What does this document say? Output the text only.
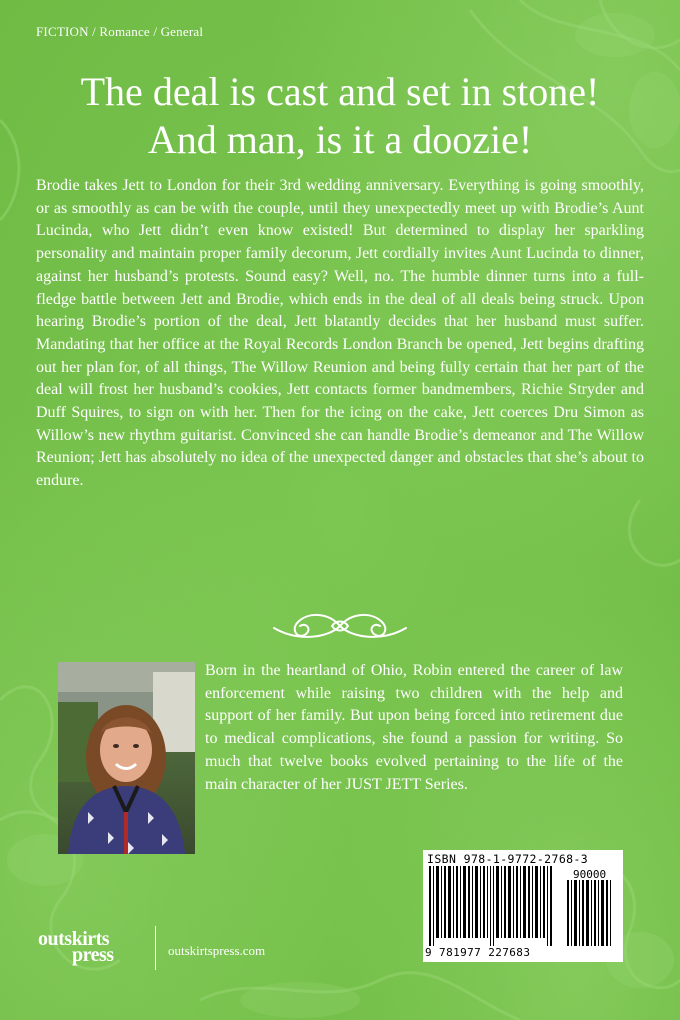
FICTION / Romance / General
The deal is cast and set in stone!
And man, is it a doozie!

Brodie takes Jett to London for their 3rd wedding anniversary. Everything is going smoothly, or as smoothly as can be with the couple, until they unexpectedly meet up with Brodie’s Aunt Lucinda, who Jett didn’t even know existed! But determined to display her sparkling personality and maintain proper family decorum, Jett cordially invites Aunt Lucinda to dinner, against her husband’s protests. Sound easy? Well, no. The humble dinner turns into a full-fledge battle between Jett and Brodie, which ends in the deal of all deals being struck. Upon hearing Brodie’s portion of the deal, Jett blatantly decides that her husband must suffer. Mandating that her office at the Royal Records London Branch be opened, Jett begins drafting out her plan for, of all things, The Willow Reunion and being fully certain that her part of the deal will frost her husband’s cookies, Jett contacts former bandmembers, Richie Stryder and Duff Squires, to sign on with her. Then for the icing on the cake, Jett coerces Dru Simon as Willow’s new rhythm guitarist. Convinced she can handle Brodie’s demeanor and The Willow Reunion; Jett has absolutely no idea of the unexpected danger and obstacles that she’s about to endure.

Born in the heartland of Ohio, Robin entered the career of law enforcement while raising two children with the help and support of her family. But upon being forced into retirement due to medical complications, she found a passion for writing. So much that twelve books evolved pertaining to the life of the main character of her JUST JETT Series.

ISBN 978-1-9772-2768-3
90000
9 781977 227683
outskirts
press	outskirtspress.com
